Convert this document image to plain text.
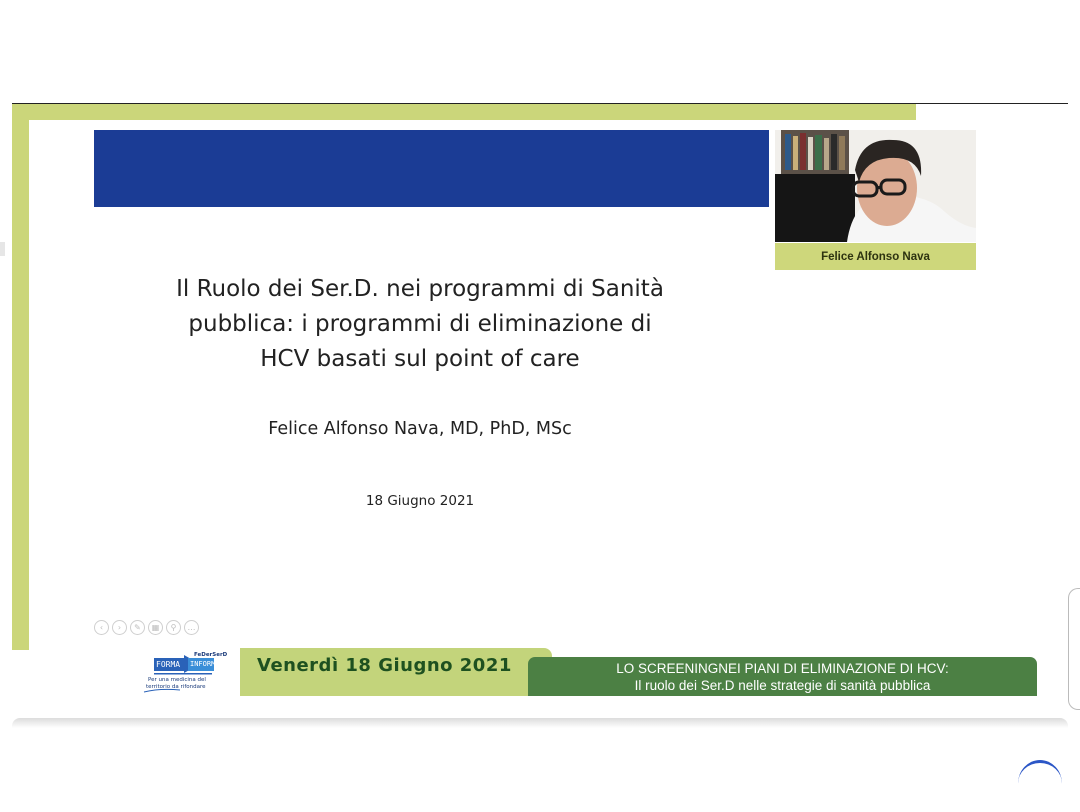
Felice Alfonso Nava
Il Ruolo dei Ser.D. nei programmi di Sanità
pubblica: i programmi di eliminazione di
HCV basati sul point of care
Felice Alfonso Nava, MD, PhD, MSc
18 Giugno 2021
‹	›	✎	▦	⚲	…
FeDerSerD
FORMA INFORMA
Per una medicina del
territorio da rifondare
Venerdì 18 Giugno 2021	LO SCREENINGNEI PIANI DI ELIMINAZIONE DI HCV:
Il ruolo dei Ser.D nelle strategie di sanità pubblica
